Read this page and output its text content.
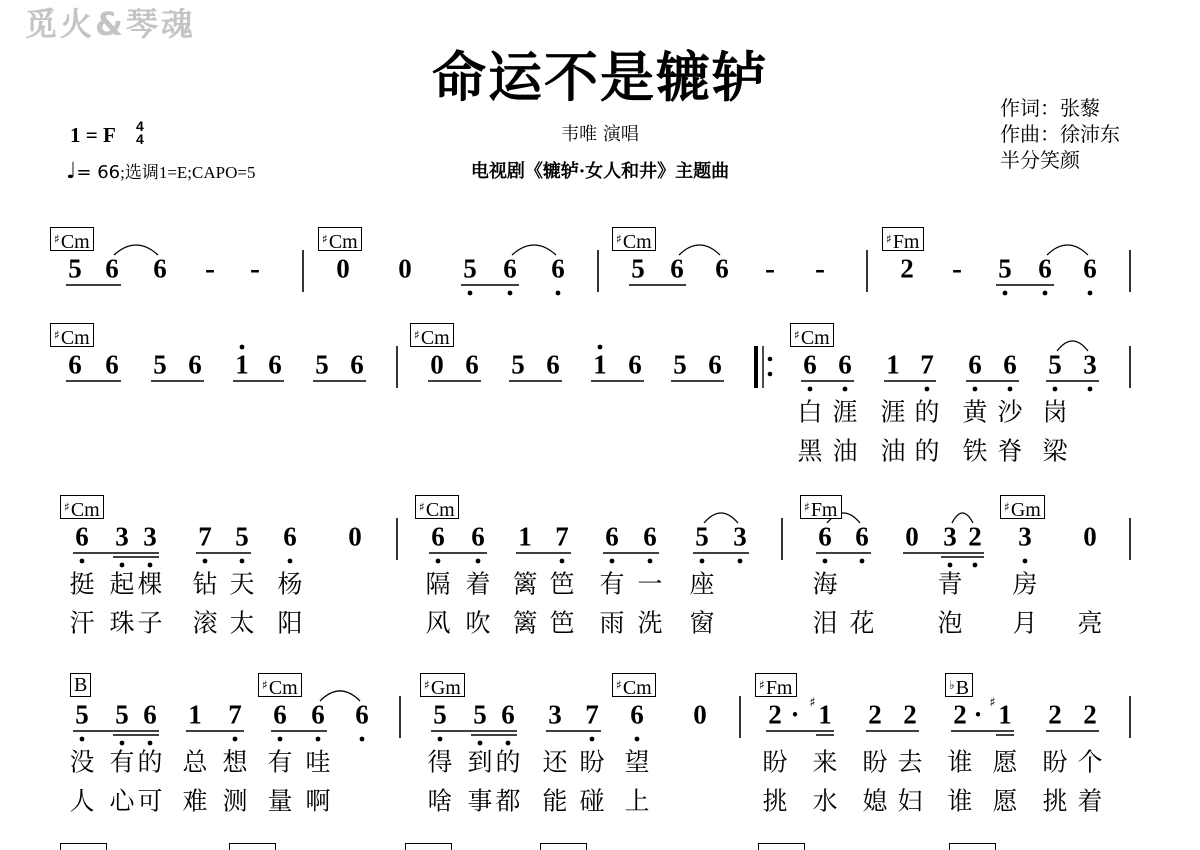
觅火&琴魂
命运不是辘轳
1 = F 4
4
♩= 66;选调1=E;CAPO=5
韦唯 演唱
电视剧《辘轳·女人和井》主题曲
作词：张藜
作曲：徐沛东
半分笑颜
♯Cm
5 6 6 - -
♯Cm
0 0 5 6 6
♯Cm
5 6 6 - -
♯Fm
2 - 5 6 6
♯Cm
6 6 5 6 1 6 5 6
♯Cm
0 6 5 6 1 6 5 6
♯Cm
6 6 1 7 6 6 5 3
白 涯 涯 的 黄 沙 岗
黑 油 油 的 铁 脊 梁
♯Cm
6 3 3 7 5 6 0
挺 起 棵 钻 天 杨
汗 珠 子 滚 太 阳
♯Cm
6 6 1 7 6 6 5 3
隔 着 篱 笆 有 一 座
风 吹 篱 笆 雨 洗 窗
♯Fm	♯Gm
6 6 0 3 2 3 0
海	青 房
泪 花	泡 月 亮
B	♯Cm
5 5 6 1 7 6 6 6
没 有 的 总 想 有 哇
人 心 可 难 测 量 啊
♯Gm	♯Cm
5 5 6 3 7 6 0
得 到 的 还 盼 望
啥 事 都 能 碰 上
♯Fm	♭B
2 · ♯ 1 2 2 2 · ♯ 1 2 2
盼 来 盼 去 谁 愿 盼 个
挑 水 媳 妇 谁 愿 挑 着
